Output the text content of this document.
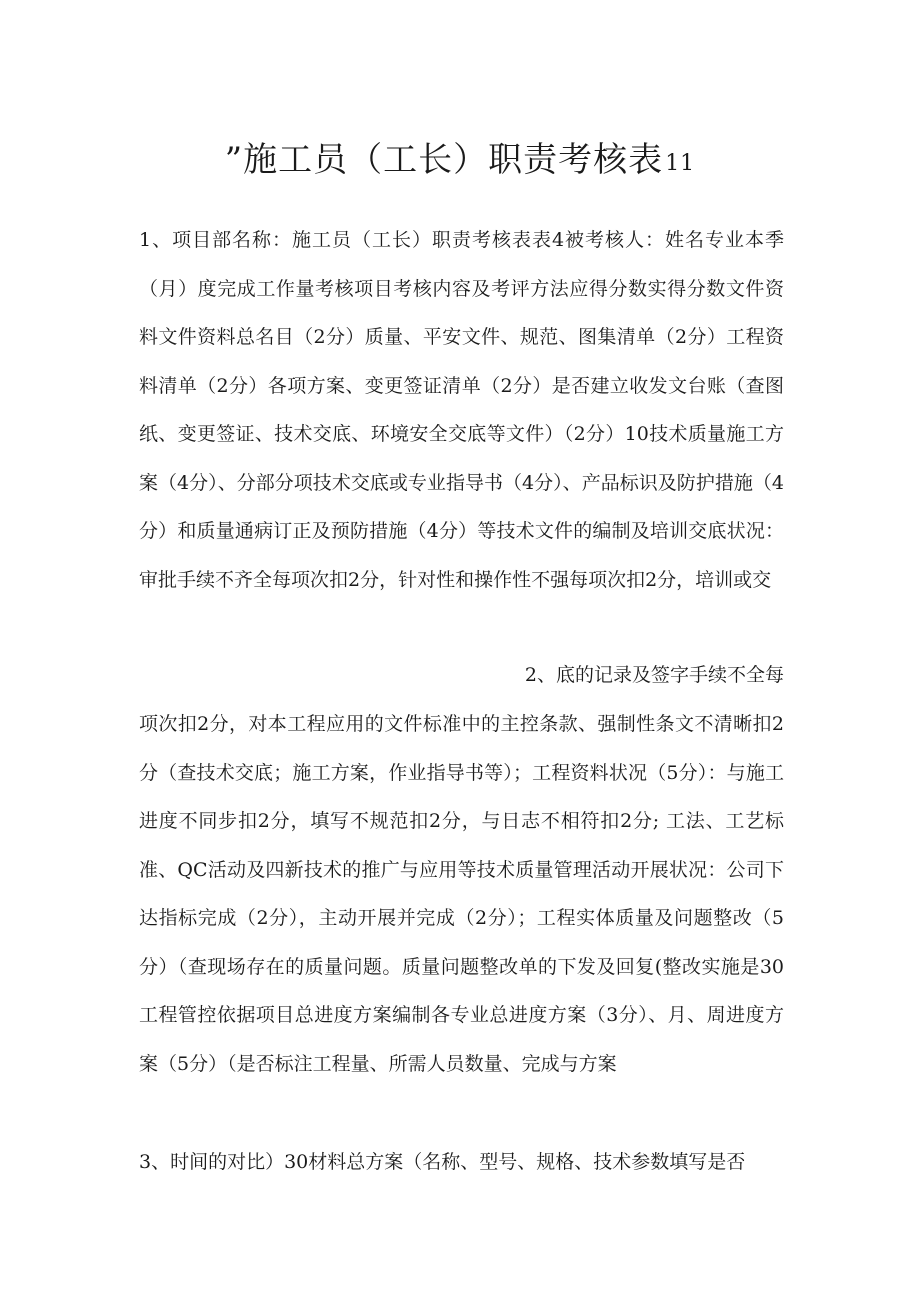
”施工员（工长）职责考核表$^{11}$
1、项目部名称：施工员（工长）职责考核表表4被考核人：姓名专业本季（月）度完成工作量考核项目考核内容及考评方法应得分数实得分数文件资料文件资料总名目（2分）质量、平安文件、规范、图集清单（2分）工程资料清单（2分）各项方案、变更签证清单（2分）是否建立收发文台账（查图纸、变更签证、技术交底、环境安全交底等文件）（2分）10技术质量施工方案（4分）、分部分项技术交底或专业指导书（4分）、产品标识及防护措施（4分）和质量通病订正及预防措施（4分）等技术文件的编制及培训交底状况：审批手续不齐全每项次扣2分，针对性和操作性不强每项次扣2分，培训或交
2、底的记录及签字手续不全每
项次扣2分，对本工程应用的文件标准中的主控条款、强制性条文不清晰扣2分（查技术交底；施工方案，作业指导书等）；工程资料状况（5分）：与施工进度不同步扣2分，填写不规范扣2分，与日志不相符扣2分; 工法、工艺标准、QC活动及四新技术的推广与应用等技术质量管理活动开展状况：公司下达指标完成（2分），主动开展并完成（2分）；工程实体质量及问题整改（5分）（查现场存在的质量问题。质量问题整改单的下发及回复(整改实施是30工程管控依据项目总进度方案编制各专业总进度方案（3分）、月、周进度方案（5分）（是否标注工程量、所需人员数量、完成与方案
3、时间的对比）30材料总方案（名称、型号、规格、技术参数填写是否
